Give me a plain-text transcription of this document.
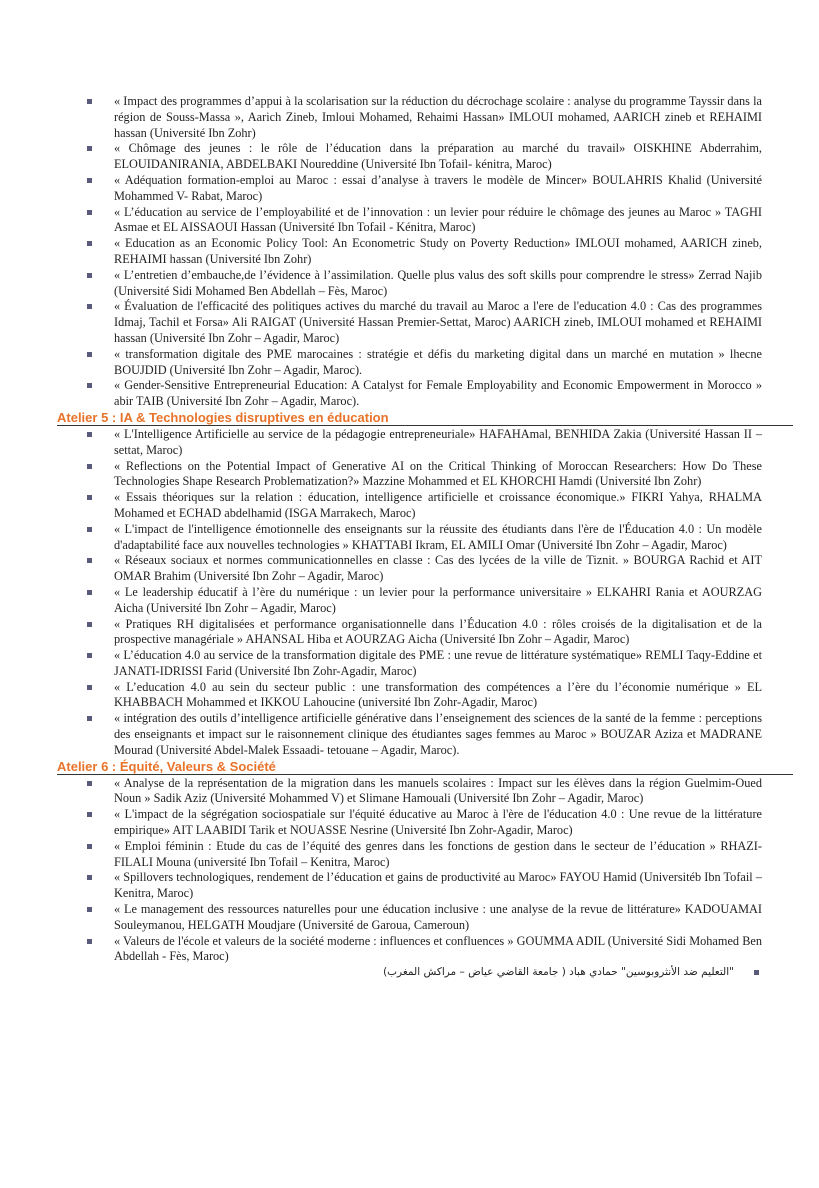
« Impact des programmes d’appui à la scolarisation sur la réduction du décrochage scolaire : analyse du programme Tayssir dans la région de Souss-Massa », Aarich Zineb, Imloui Mohamed, Rehaimi Hassan» IMLOUI mohamed, AARICH zineb et REHAIMI hassan (Université Ibn Zohr)
« Chômage des jeunes : le rôle de l’éducation dans la préparation au marché du travail» OISKHINE Abderrahim, ELOUIDANIRANIA, ABDELBAKI Noureddine (Université Ibn Tofail- kénitra, Maroc)
« Adéquation formation-emploi au Maroc : essai d’analyse à travers le modèle de Mincer» BOULAHRIS Khalid (Université Mohammed V- Rabat, Maroc)
« L’éducation au service de l’employabilité et de l’innovation : un levier pour réduire le chômage des jeunes au Maroc » TAGHI Asmae et EL AISSAOUI Hassan (Université Ibn Tofail - Kénitra, Maroc)
« Education as an Economic Policy Tool: An Econometric Study on Poverty Reduction» IMLOUI mohamed, AARICH zineb, REHAIMI hassan (Université Ibn Zohr)
« L’entretien d’embauche,de l’évidence à l’assimilation. Quelle plus valus des soft skills pour comprendre le stress» Zerrad Najib (Université Sidi Mohamed Ben Abdellah – Fès, Maroc)
« Évaluation de l'efficacité des politiques actives du marché du travail au Maroc a l'ere de l'education 4.0 : Cas des programmes Idmaj, Tachil et Forsa» Ali RAIGAT (Université Hassan Premier-Settat, Maroc) AARICH zineb, IMLOUI mohamed et REHAIMI hassan (Université Ibn Zohr – Agadir, Maroc)
« transformation digitale des PME marocaines : stratégie et défis du marketing digital dans un marché en mutation » lhecne BOUJDID (Université Ibn Zohr – Agadir, Maroc).
« Gender-Sensitive Entrepreneurial Education: A Catalyst for Female Employability and Economic Empowerment in Morocco » abir TAIB (Université Ibn Zohr – Agadir, Maroc).
Atelier 5 : IA & Technologies disruptives en éducation
« L'Intelligence Artificielle au service de la pédagogie entrepreneuriale» HAFAHAmal, BENHIDA Zakia (Université Hassan II – settat, Maroc)
« Reflections on the Potential Impact of Generative AI on the Critical Thinking of Moroccan Researchers: How Do These Technologies Shape Research Problematization?» Mazzine Mohammed et EL KHORCHI Hamdi (Université Ibn Zohr)
« Essais théoriques sur la relation : éducation, intelligence artificielle et croissance économique.» FIKRI Yahya, RHALMA Mohamed et ECHAD abdelhamid (ISGA Marrakech, Maroc)
« L'impact de l'intelligence émotionnelle des enseignants sur la réussite des étudiants dans l'ère de l'Éducation 4.0 : Un modèle d'adaptabilité face aux nouvelles technologies » KHATTABI Ikram, EL AMILI Omar (Université Ibn Zohr – Agadir, Maroc)
« Réseaux sociaux et normes communicationnelles en classe : Cas des lycées de la ville de Tiznit. » BOURGA Rachid et AIT OMAR Brahim (Université Ibn Zohr – Agadir, Maroc)
« Le leadership éducatif à l’ère du numérique : un levier pour la performance universitaire » ELKAHRI Rania et AOURZAG Aicha (Université Ibn Zohr – Agadir, Maroc)
« Pratiques RH digitalisées et performance organisationnelle dans l’Éducation 4.0 : rôles croisés de la digitalisation et de la prospective managériale » AHANSAL Hiba et AOURZAG Aicha (Université Ibn Zohr – Agadir, Maroc)
« L’éducation 4.0 au service de la transformation digitale des PME : une revue de littérature systématique» REMLI Taqy-Eddine et JANATI-IDRISSI Farid (Université Ibn Zohr-Agadir, Maroc)
« L’education 4.0 au sein du secteur public : une transformation des compétences a l’ère du l’économie numérique » EL KHABBACH Mohammed et IKKOU Lahoucine (université Ibn Zohr-Agadir, Maroc)
« intégration des outils d’intelligence artificielle générative dans l’enseignement des sciences de la santé de la femme : perceptions des enseignants et impact sur le raisonnement clinique des étudiantes sages femmes au Maroc » BOUZAR Aziza et MADRANE Mourad (Université Abdel-Malek Essaadi- tetouane – Agadir, Maroc).
Atelier 6 : Équité, Valeurs & Société
« Analyse de la représentation de la migration dans les manuels scolaires : Impact sur les élèves dans la région Guelmim-Oued Noun » Sadik Aziz (Université Mohammed V) et Slimane Hamouali (Université Ibn Zohr – Agadir, Maroc)
« L'impact de la ségrégation sociospatiale sur l'équité éducative au Maroc à l'ère de l'éducation 4.0 : Une revue de la littérature empirique» AIT LAABIDI Tarik et NOUASSE Nesrine (Université Ibn Zohr-Agadir, Maroc)
« Emploi féminin : Etude du cas de l’équité des genres dans les fonctions de gestion dans le secteur de l’éducation » RHAZI-FILALI Mouna (université Ibn Tofail – Kenitra, Maroc)
« Spillovers technologiques, rendement de l’éducation et gains de productivité au Maroc» FAYOU Hamid (Universitéb Ibn Tofail – Kenitra, Maroc)
« Le management des ressources naturelles pour une éducation inclusive : une analyse de la revue de littérature» KADOUAMAI Souleymanou, HELGATH Moudjare (Université de Garoua, Cameroun)
« Valeurs de l'école et valeurs de la société moderne : influences et confluences » GOUMMA ADIL (Université Sidi Mohamed Ben Abdellah - Fès, Maroc)
"التعليم ضد الأنثروبوسين" حمادي هباد ( جامعة القاضي عياض – مراكش المغرب)
